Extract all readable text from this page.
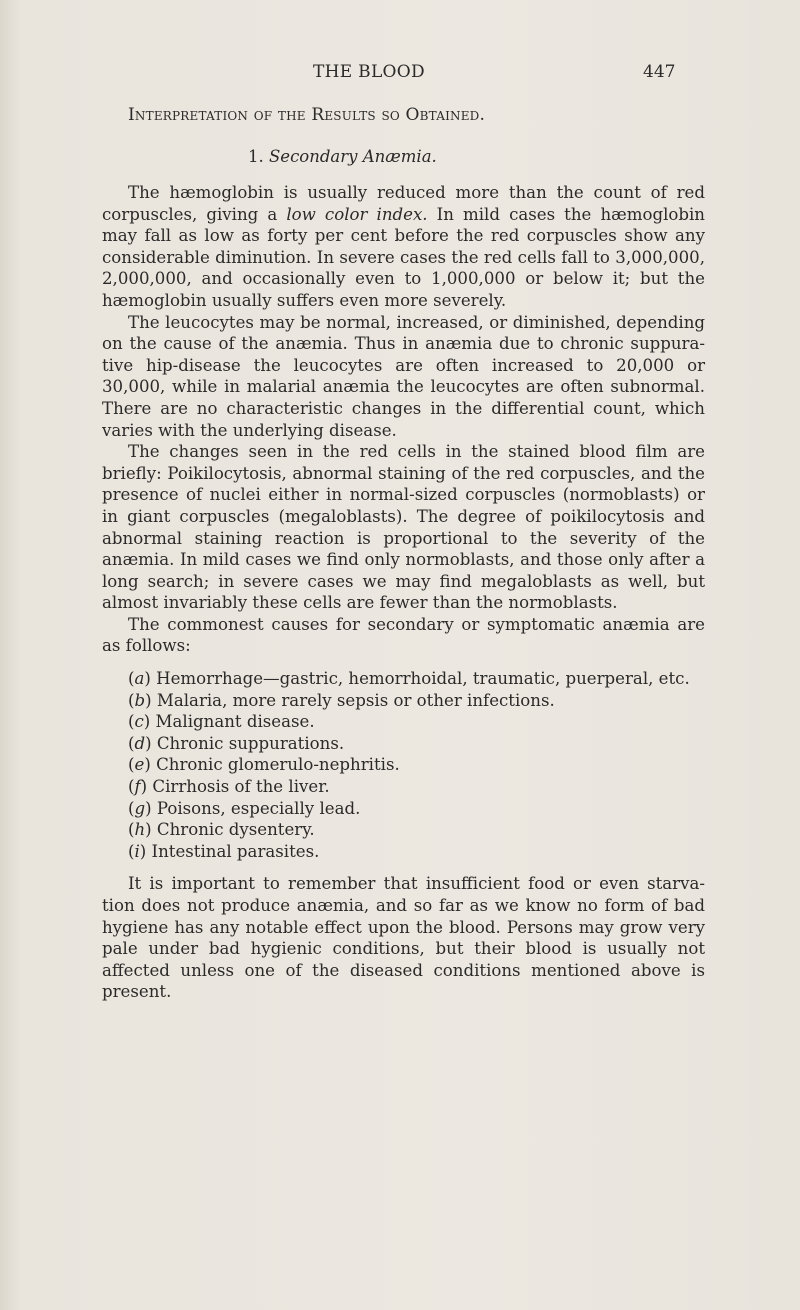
THE BLOOD	447
Interpretation of the Results so Obtained.
1. Secondary Anæmia.

The hæmoglobin is usually reduced more than the count of red corpuscles, giving a low color index. In mild cases the hæmoglobin may fall as low as forty per cent before the red corpuscles show any considerable diminution. In severe cases the red cells fall to 3,000,000, 2,000,000, and occasionally even to 1,000,000 or below it; but the hæmoglobin usually suffers even more severely.

The leucocytes may be normal, increased, or diminished, depending on the cause of the anæmia. Thus in anæmia due to chronic suppura- tive hip-disease the leucocytes are often increased to 20,000 or 30,000, while in malarial anæmia the leucocytes are often subnormal. There are no characteristic changes in the differential count, which varies with the underlying disease.

The changes seen in the red cells in the stained blood film are briefly: Poikilocytosis, abnormal staining of the red corpuscles, and the presence of nuclei either in normal-sized corpuscles (normoblasts) or in giant corpuscles (megaloblasts). The degree of poikilocytosis and abnormal staining reaction is proportional to the severity of the anæmia. In mild cases we find only normoblasts, and those only after a long search; in severe cases we may find megaloblasts as well, but almost invariably these cells are fewer than the normoblasts.

The commonest causes for secondary or symptomatic anæmia are as follows:

(a) Hemorrhage—gastric, hemorrhoidal, traumatic, puerperal, etc.
(b) Malaria, more rarely sepsis or other infections.
(c) Malignant disease.
(d) Chronic suppurations.
(e) Chronic glomerulo-nephritis.
(f) Cirrhosis of the liver.
(g) Poisons, especially lead.
(h) Chronic dysentery.
(i) Intestinal parasites.

It is important to remember that insufficient food or even starva- tion does not produce anæmia, and so far as we know no form of bad hygiene has any notable effect upon the blood. Persons may grow very pale under bad hygienic conditions, but their blood is usually not affected unless one of the diseased conditions mentioned above is present.
